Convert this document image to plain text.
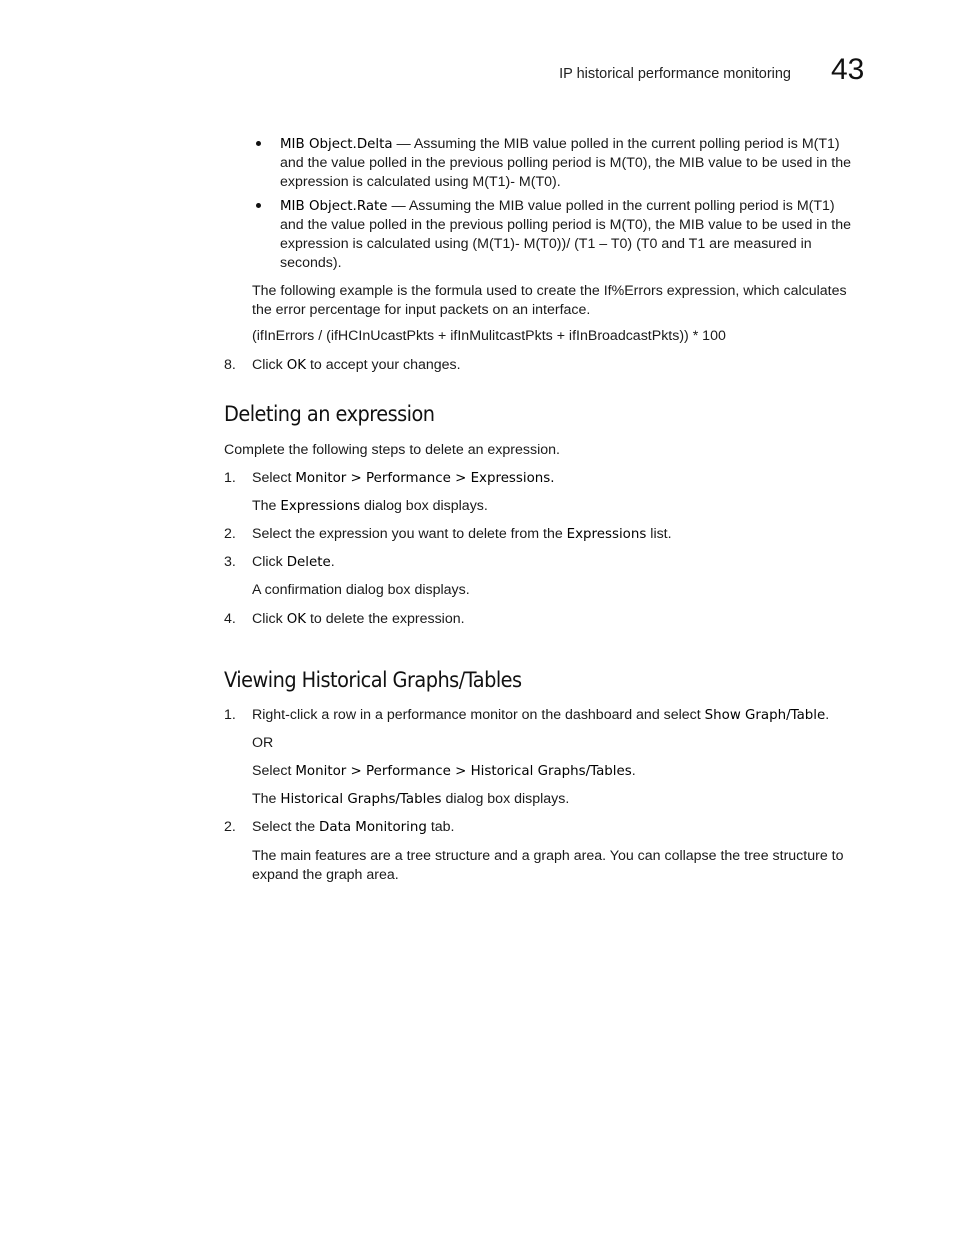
IP historical performance monitoring 43
MIB Object.Delta — Assuming the MIB value polled in the current polling period is M(T1)
and the value polled in the previous polling period is M(T0), the MIB value to be used in the
expression is calculated using M(T1)- M(T0).
MIB Object.Rate — Assuming the MIB value polled in the current polling period is M(T1)
and the value polled in the previous polling period is M(T0), the MIB value to be used in the
expression is calculated using (M(T1)- M(T0))/ (T1 – T0) (T0 and T1 are measured in
seconds).
The following example is the formula used to create the If%Errors expression, which calculates
the error percentage for input packets on an interface.
(ifInErrors / (ifHCInUcastPkts + ifInMulitcastPkts + ifInBroadcastPkts)) * 100
8. Click OK to accept your changes.
Deleting an expression
Complete the following steps to delete an expression.
1. Select Monitor > Performance > Expressions.
The Expressions dialog box displays.
2. Select the expression you want to delete from the Expressions list.
3. Click Delete.
A confirmation dialog box displays.
4. Click OK to delete the expression.
Viewing Historical Graphs/Tables
1. Right-click a row in a performance monitor on the dashboard and select Show Graph/Table.
OR
Select Monitor > Performance > Historical Graphs/Tables.
The Historical Graphs/Tables dialog box displays.
2. Select the Data Monitoring tab.
The main features are a tree structure and a graph area. You can collapse the tree structure to
expand the graph area.
